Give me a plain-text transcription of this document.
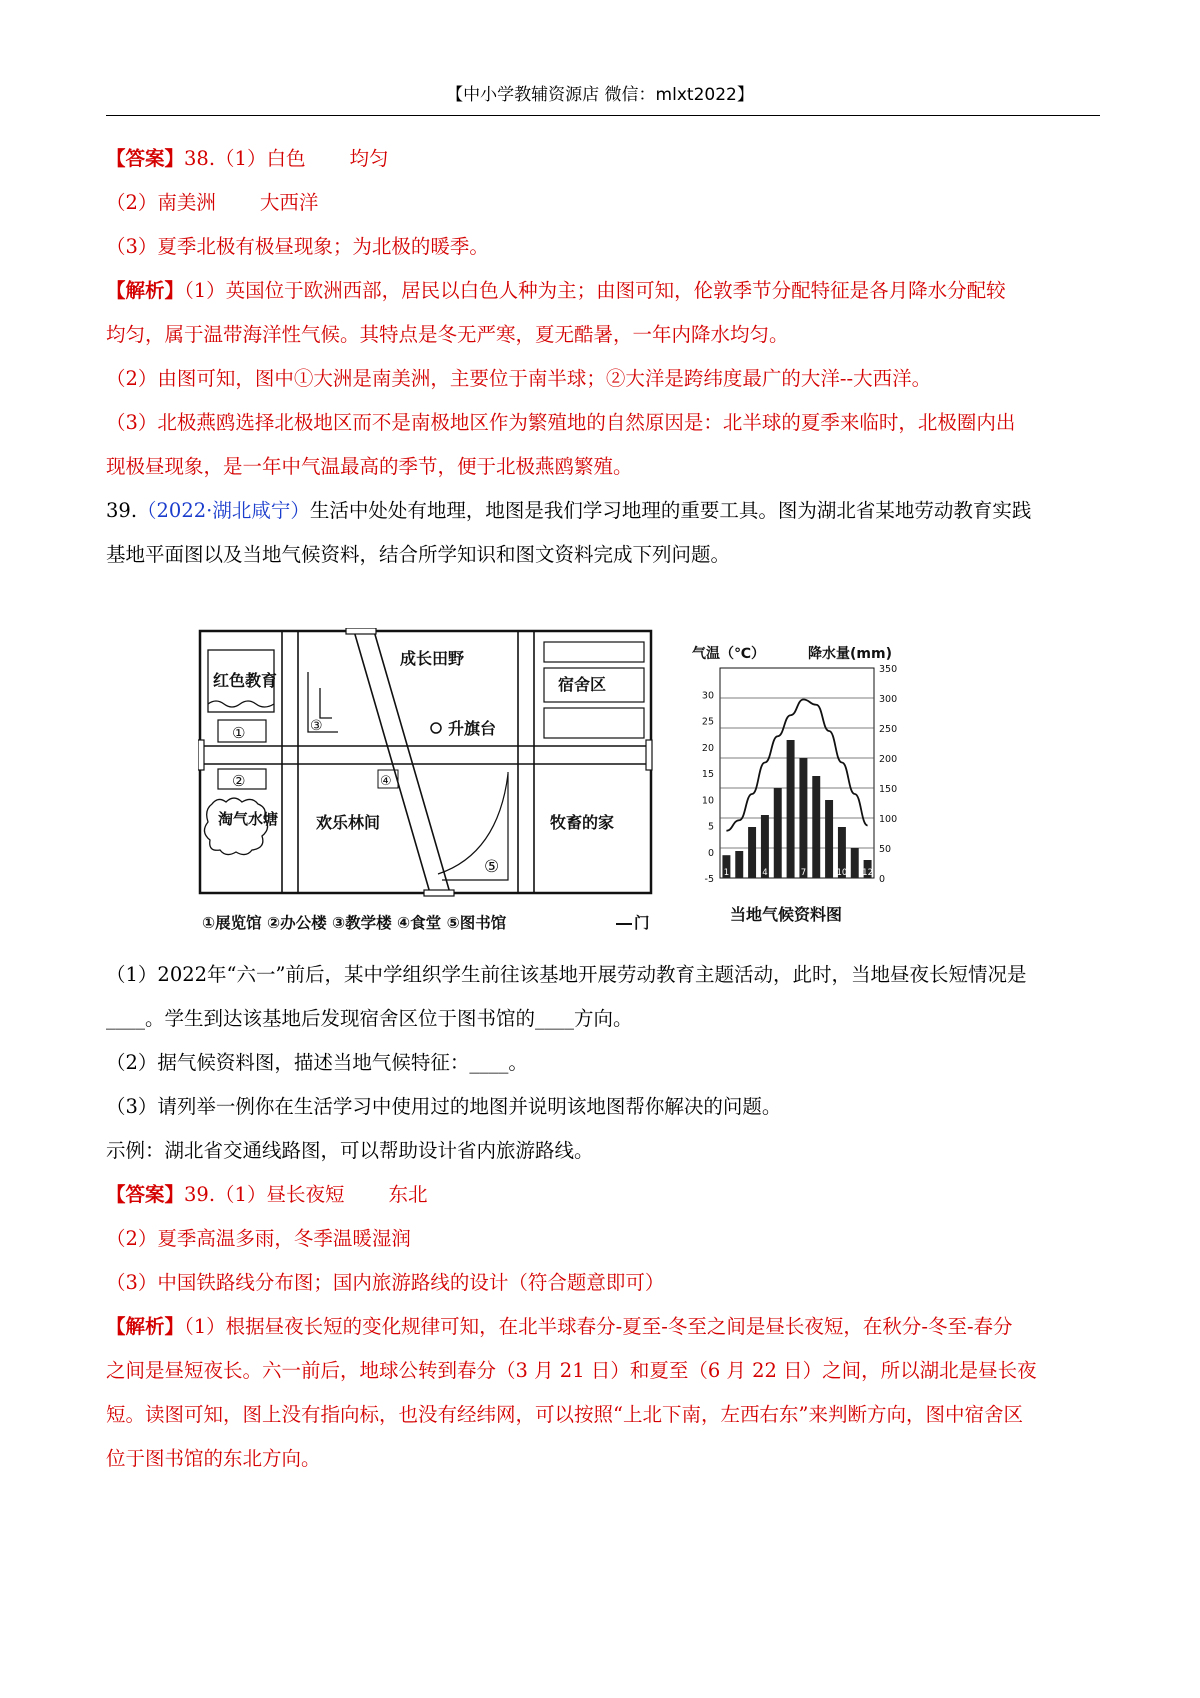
【中小学教辅资源店 微信：mlxt2022】
【答案】38.（1）白色 均匀
（2）南美洲 大西洋
（3）夏季北极有极昼现象；为北极的暖季。
【解析】（1）英国位于欧洲西部，居民以白色人种为主；由图可知，伦敦季节分配特征是各月降水分配较
均匀，属于温带海洋性气候。其特点是冬无严寒，夏无酷暑，一年内降水均匀。
（2）由图可知，图中①大洲是南美洲，主要位于南半球；②大洋是跨纬度最广的大洋--大西洋。
（3）北极燕鸥选择北极地区而不是南极地区作为繁殖地的自然原因是：北半球的夏季来临时，北极圈内出
现极昼现象，是一年中气温最高的季节，便于北极燕鸥繁殖。
39.（2022·湖北咸宁）生活中处处有地理，地图是我们学习地理的重要工具。图为湖北省某地劳动教育实践
基地平面图以及当地气候资料，结合所学知识和图文资料完成下列问题。
红色教育
①
②
淘气水塘
③
成长田野
升旗台
④
欢乐林间
⑤
宿舍区
牧畜的家
①展览馆 ②办公楼 ③教学楼 ④食堂 ⑤图书馆	门
气温（℃）	降水量(mm)
30
25
20
15
10
5
0
-5
350
300
250
200
150
100
50
0
1	4	7	10 12
当地气候资料图
（1）2022年“六一”前后，某中学组织学生前往该基地开展劳动教育主题活动，此时，当地昼夜长短情况是
____。学生到达该基地后发现宿舍区位于图书馆的____方向。
（2）据气候资料图，描述当地气候特征：____。
（3）请列举一例你在生活学习中使用过的地图并说明该地图帮你解决的问题。
示例：湖北省交通线路图，可以帮助设计省内旅游路线。
【答案】39.（1）昼长夜短 东北
（2）夏季高温多雨，冬季温暖湿润
（3）中国铁路线分布图；国内旅游路线的设计（符合题意即可）
【解析】（1）根据昼夜长短的变化规律可知，在北半球春分-夏至-冬至之间是昼长夜短，在秋分-冬至-春分
之间是昼短夜长。六一前后，地球公转到春分（3 月 21 日）和夏至（6 月 22 日）之间，所以湖北是昼长夜
短。读图可知，图上没有指向标，也没有经纬网，可以按照“上北下南，左西右东”来判断方向，图中宿舍区
位于图书馆的东北方向。
